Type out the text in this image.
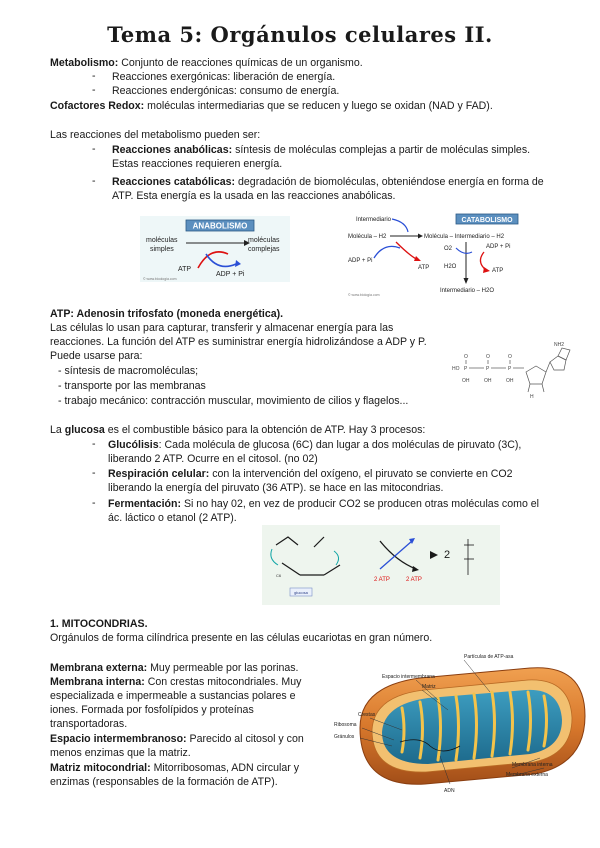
Tema 5: Orgánulos celulares II.
Metabolismo: Conjunto de reacciones químicas de un organismo.
- Reacciones exergónicas: liberación de energía.
- Reacciones endergónicas: consumo de energía.
Cofactores Redox: moléculas intermediarias que se reducen y luego se oxidan (NAD y FAD).
Las reacciones del metabolismo pueden ser:
- Reacciones anabólicas: síntesis de moléculas complejas a partir de moléculas simples.
Estas reacciones requieren energía.
- Reacciones catabólicas: degradación de biomoléculas, obteniéndose energía en forma de
ATP. Esta energía es la usada en las reacciones anabólicas.
ANABOLISMO
moléculas
simples
moléculas
complejas
ATP
ADP + Pi
© www.bioologia.com
CATABOLISMO
Intermediario
Molécula – H2	Molécula – Intermediario – H2
ADP + Pi
ATP
O2	ADP + Pi
ATP
H2O
Intermediario – H2O
© www.biologia.com
ATP: Adenosin trifosfato (moneda energética).
Las células lo usan para capturar, transferir y almacenar energía para las
reacciones. La función del ATP es suministrar energía hidrolizándose a ADP y P.
Puede usarse para:
- síntesis de macromoléculas;
- transporte por las membranas
- trabajo mecánico: contracción muscular, movimiento de cilios y flagelos...
HO P	P	P
O	O	O
OH	OH	OH
NH2
H
La glucosa es el combustible básico para la obtención de ATP. Hay 3 procesos:
- Glucólisis: Cada molécula de glucosa (6C) dan lugar a dos moléculas de piruvato (3C),
liberando 2 ATP. Ocurre en el citosol. (no 02)
- Respiración celular: con la intervención del oxígeno, el piruvato se convierte en CO2
liberando la energía del piruvato (36 ATP). se hace en las mitocondrias.
- Fermentación: Si no hay 02, en vez de producir CO2 se producen otras moléculas como el
ác. láctico o etanol (2 ATP).
glucosa
C6
2 ATP	2 ATP
2
1. MITOCONDRIAS.
Orgánulos de forma cilíndrica presente en las células eucariotas en gran número.
Membrana externa: Muy permeable por las porinas.
Membrana interna: Con crestas mitocondriales. Muy
especializada e impermeable a sustancias polares e
iones. Formada por fosfolípidos y proteínas
transportadoras.
Espacio intermembranoso: Parecido al citosol y con
menos enzimas que la matriz.
Matriz mitocondrial: Mitorribosomas, ADN circular y
enzimas (responsables de la formación de ATP).
Partículas de ATP-asa
Espacio intermembrana
Matriz
Crestas
Ribosoma
Gránulos
ADN
Membrana interna
Membrana externa
